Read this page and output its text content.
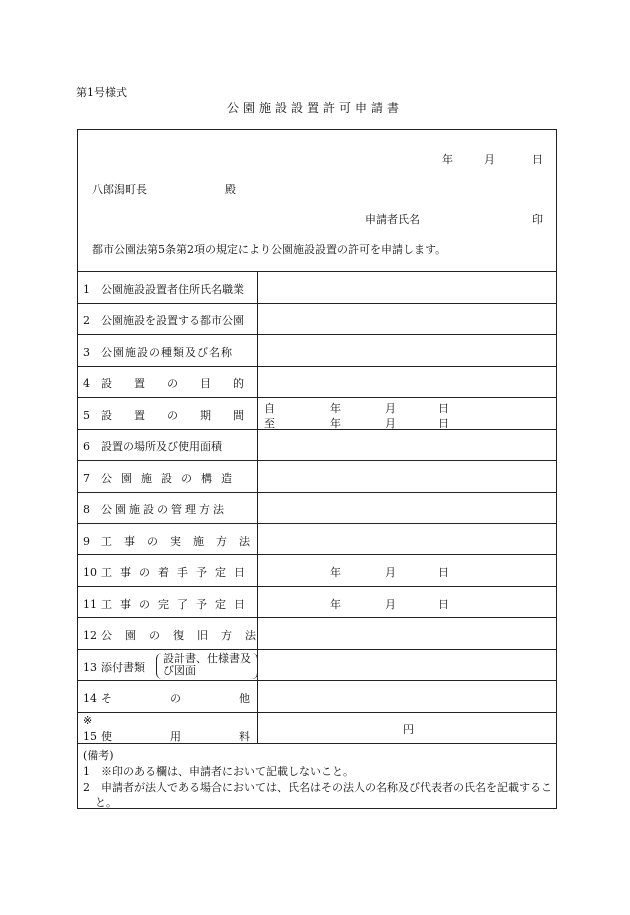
第1号様式
公園施設設置許可申請書
年	月	日
八郎潟町長	殿
申請者氏名	印
都市公園法第5条第2項の規定により公園施設設置の許可を申請します。
1 公園施設設置者住所氏名職業
2 公園施設を設置する都市公園
3 公園施設の種類及び名称
4 設置の目的
5 設置の期間
自	年	月	日
至	年	月	日
6 設置の場所及び使用面積
7 公園施設の構造
8 公園施設の管理方法
9 工事の実施方法
10 工事の着手予定日	年	月	日
11 工事の完了予定日	年	月	日
12 公園の復旧方法
13 添付書類
設計書、仕様書及び図面
14 その他
※
15 使用料
円
(備考)
1　※印のある欄は、申請者において記載しないこと。
2　申請者が法人である場合においては、氏名はその法人の名称及び代表者の氏名を記載するこ
と。
